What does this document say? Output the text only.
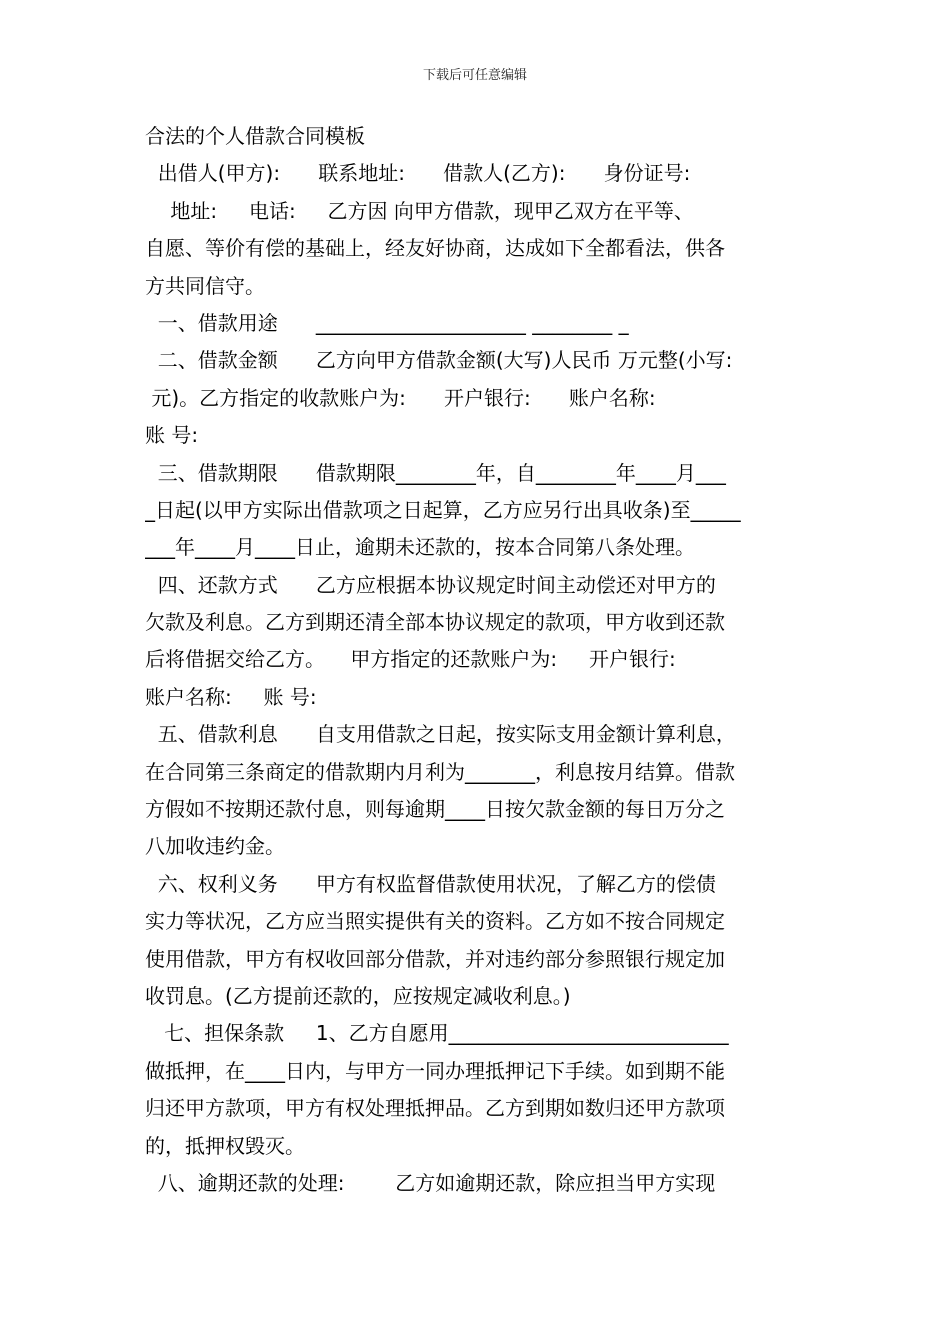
下载后可任意编辑
合法的个人借款合同模板
出借人(甲方):      联系地址:      借款人(乙方):      身份证号:
地址:     电话:     乙方因 向甲方借款，现甲乙双方在平等、
自愿、等价有偿的基础上，经友好协商，达成如下全都看法，供各
方共同信守。
一、借款用途      _____________________ ________ _
二、借款金额      乙方向甲方借款金额(大写)人民币 万元整(小写:
元)。乙方指定的收款账户为:      开户银行:      账户名称:
账 号:
三、借款期限      借款期限________年，自________年____月___
_日起(以甲方实际出借款项之日起算，乙方应另行出具收条)至_____
___年____月____日止，逾期未还款的，按本合同第八条处理。
四、还款方式      乙方应根据本协议规定时间主动偿还对甲方的
欠款及利息。乙方到期还清全部本协议规定的款项，甲方收到还款
后将借据交给乙方。    甲方指定的还款账户为:     开户银行:
账户名称:     账 号:
五、借款利息      自支用借款之日起，按实际支用金额计算利息，
在合同第三条商定的借款期内月利为_______，利息按月结算。借款
方假如不按期还款付息，则每逾期____日按欠款金额的每日万分之
八加收违约金。
六、权利义务      甲方有权监督借款使用状况，了解乙方的偿债
实力等状况，乙方应当照实提供有关的资料。乙方如不按合同规定
使用借款，甲方有权收回部分借款，并对违约部分参照银行规定加
收罚息。(乙方提前还款的，应按规定减收利息。)
七、担保条款     1、乙方自愿用____________________________
做抵押，在____日内，与甲方一同办理抵押记下手续。如到期不能
归还甲方款项，甲方有权处理抵押品。乙方到期如数归还甲方款项
的，抵押权毁灭。
八、逾期还款的处理:        乙方如逾期还款，除应担当甲方实现
